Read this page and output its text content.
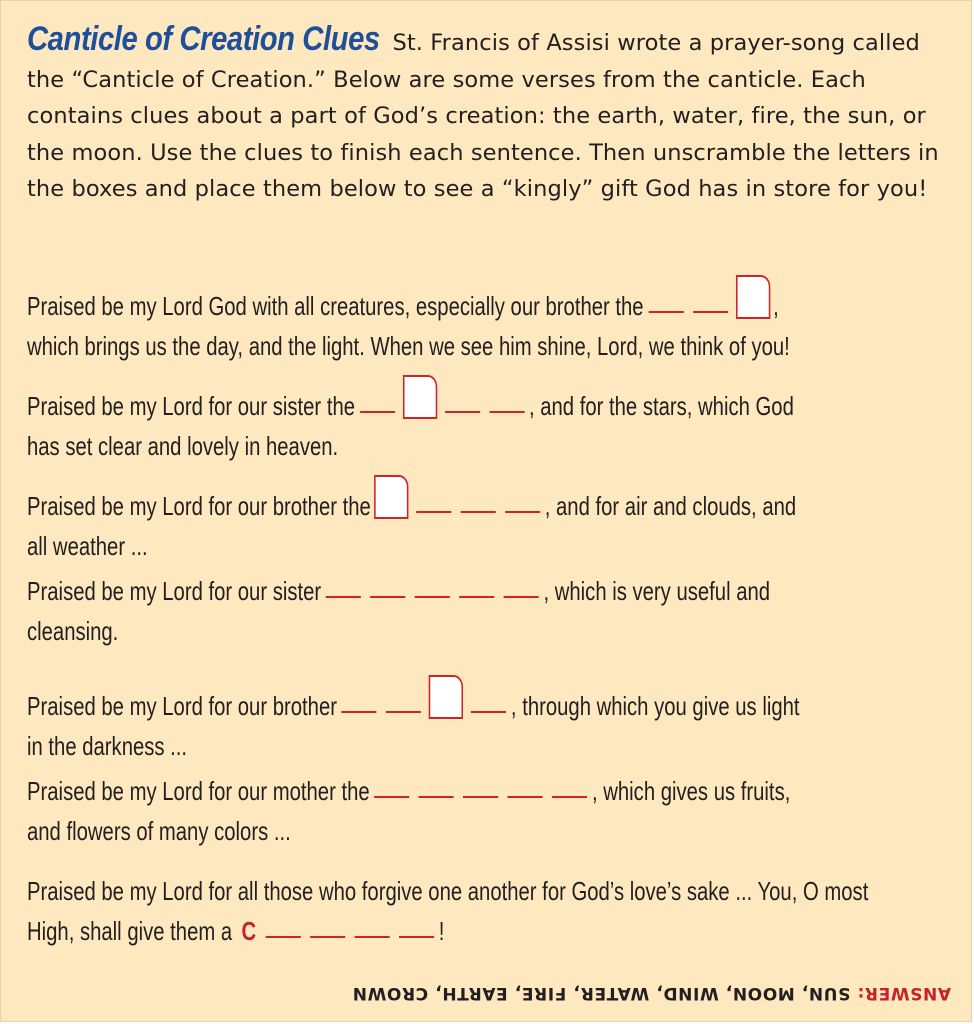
Canticle of Creation Clues St. Francis of Assisi wrote a prayer-song called the “Canticle of Creation.” Below are some verses from the canticle. Each contains clues about a part of God’s creation: the earth, water, fire, the sun, or the moon. Use the clues to finish each sentence. Then unscramble the letters in the boxes and place them below to see a “kingly” gift God has in store for you!
Praised be my Lord God with all creatures, especially our brother the	,
which brings us the day, and the light. When we see him shine, Lord, we think of you!
Praised be my Lord for our sister the	, and for the stars, which God
has set clear and lovely in heaven.
Praised be my Lord for our brother the	, and for air and clouds, and
all weather ...
Praised be my Lord for our sister	, which is very useful and
cleansing.
Praised be my Lord for our brother	, through which you give us light
in the darkness ...
Praised be my Lord for our mother the	, which gives us fruits,
and flowers of many colors ...
Praised be my Lord for all those who forgive one another for God’s love’s sake ... You, O most
High, shall give them a C	!
ANSWER: SUN, MOON, WIND, WATER, FIRE, EARTH, CROWN
